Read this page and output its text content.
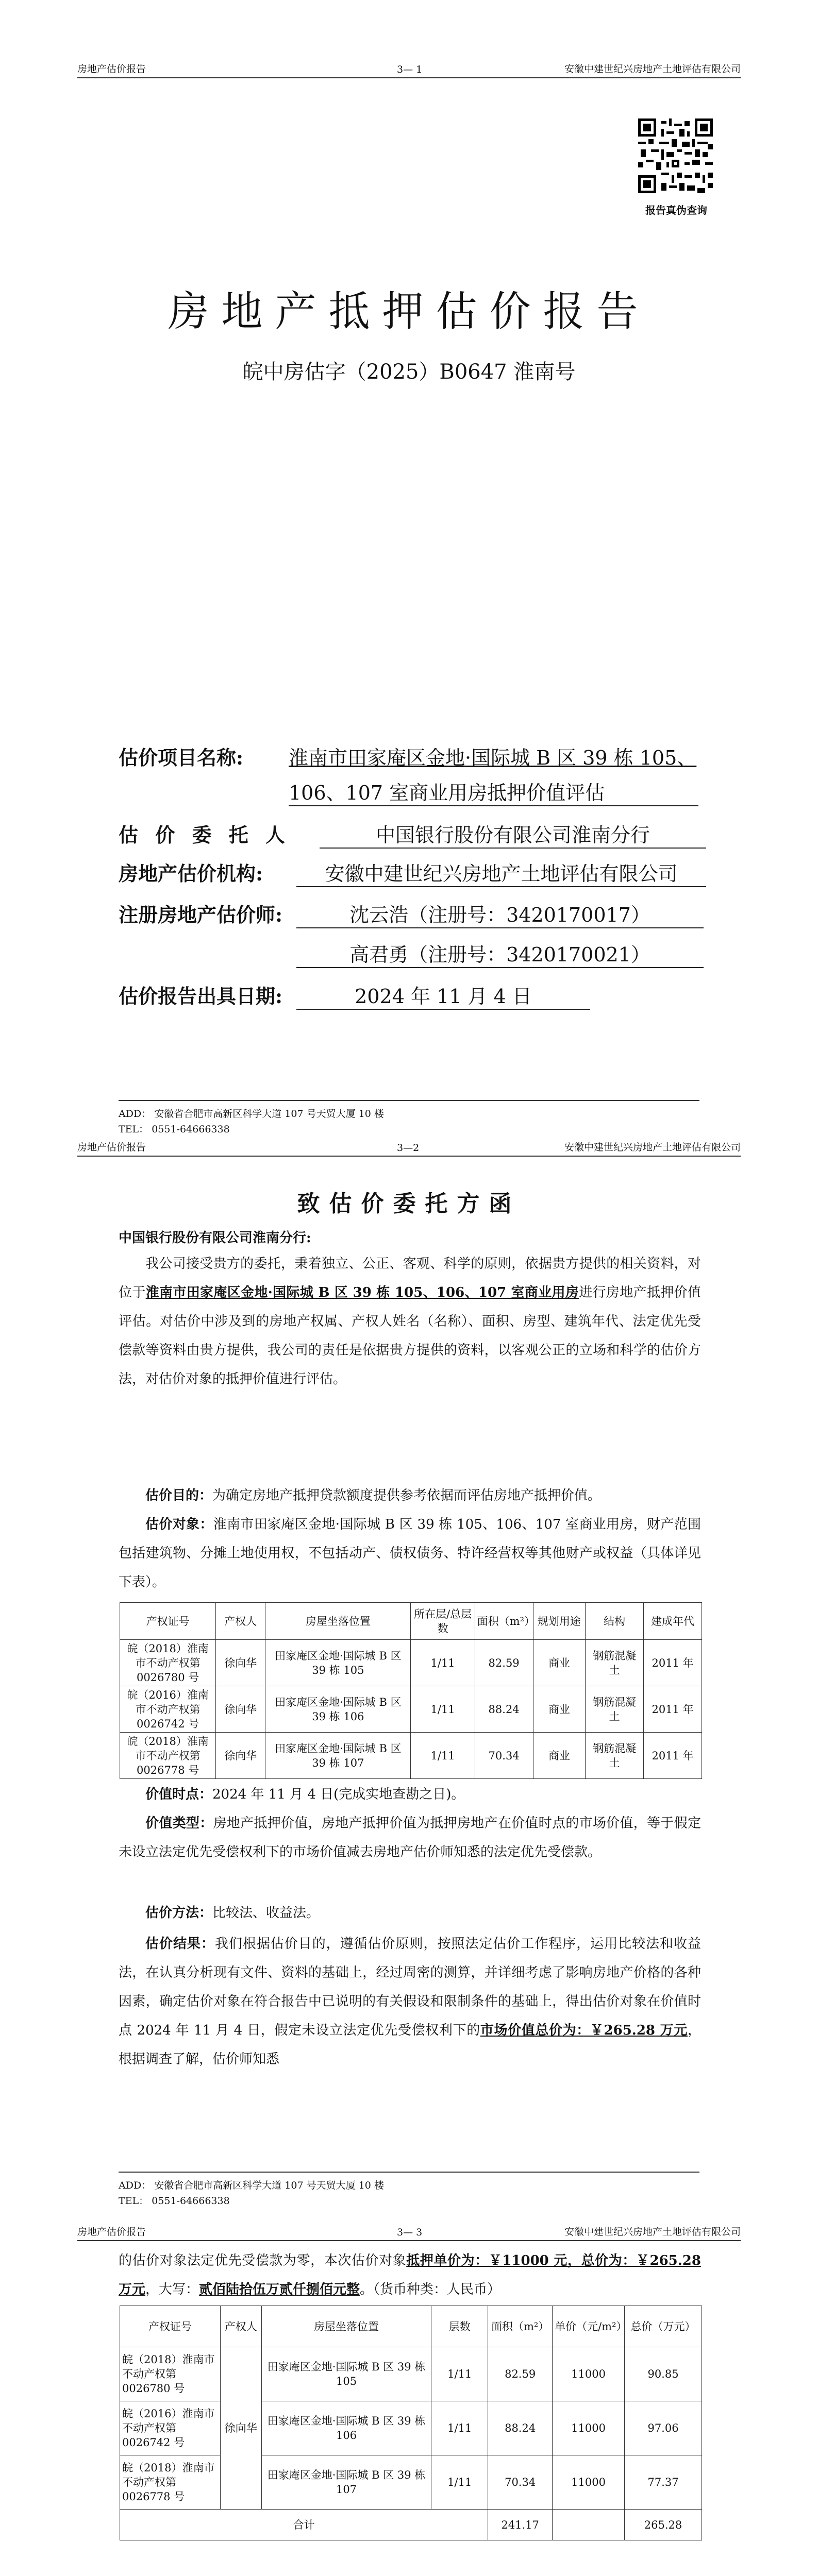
房地产估价报告	3— 1	安徽中建世纪兴房地产土地评估有限公司
报告真伪查询
房地产抵押估价报告
皖中房估字（2025）B0647 淮南号
估价项目名称: 淮南市田家庵区金地·国际城 B 区 39 栋 105、
106、107 室商业用房抵押价值评估
估 价 委 托 人	中国银行股份有限公司淮南分行
房地产估价机构:	安徽中建世纪兴房地产土地评估有限公司
注册房地产估价师:	沈云浩（注册号：3420170017）
高君勇（注册号：3420170021）
估价报告出具日期:	2024 年 11 月 4 日
ADD： 安徽省合肥市高新区科学大道 107 号天贸大厦 10 楼
TEL： 0551-64666338
房地产估价报告	3—2	安徽中建世纪兴房地产土地评估有限公司
致估价委托方函
中国银行股份有限公司淮南分行:
我公司接受贵方的委托，秉着独立、公正、客观、科学的原则，依据贵方提供的相关资料，对位于淮南市田家庵区金地·国际城 B 区 39 栋 105、106、107 室商业用房进行房地产抵押价值评估。对估价中涉及到的房地产权属、产权人姓名（名称）、面积、房型、建筑年代、法定优先受偿款等资料由贵方提供，我公司的责任是依据贵方提供的资料，以客观公正的立场和科学的估价方法，对估价对象的抵押价值进行评估。
估价目的：为确定房地产抵押贷款额度提供参考依据而评估房地产抵押价值。
估价对象：淮南市田家庵区金地·国际城 B 区 39 栋 105、106、107 室商业用房，财产范围包括建筑物、分摊土地使用权，不包括动产、债权债务、特许经营权等其他财产或权益（具体详见下表）。
产权证号	产权人	房屋坐落位置	所在层/总层数	面积（m²）	规划用途	结构	建成年代
皖（2018）淮南市不动产权第 0026780 号	徐向华	田家庵区金地·国际城 B 区 39 栋 105	1/11	82.59	商业	钢筋混凝土	2011 年
皖（2016）淮南市不动产权第 0026742 号	徐向华	田家庵区金地·国际城 B 区 39 栋 106	1/11	88.24	商业	钢筋混凝土	2011 年
皖（2018）淮南市不动产权第 0026778 号	徐向华	田家庵区金地·国际城 B 区 39 栋 107	1/11	70.34	商业	钢筋混凝土	2011 年
价值时点：2024 年 11 月 4 日(完成实地查勘之日)。
价值类型：房地产抵押价值，房地产抵押价值为抵押房地产在价值时点的市场价值，等于假定未设立法定优先受偿权利下的市场价值减去房地产估价师知悉的法定优先受偿款。
估价方法：比较法、收益法。
估价结果：我们根据估价目的，遵循估价原则，按照法定估价工作程序，运用比较法和收益法，在认真分析现有文件、资料的基础上，经过周密的测算，并详细考虑了影响房地产价格的各种因素，确定估价对象在符合报告中已说明的有关假设和限制条件的基础上，得出估价对象在价值时点 2024 年 11 月 4 日，假定未设立法定优先受偿权利下的市场价值总价为：￥265.28 万元，根据调查了解，估价师知悉
ADD： 安徽省合肥市高新区科学大道 107 号天贸大厦 10 楼
TEL： 0551-64666338
房地产估价报告	3— 3	安徽中建世纪兴房地产土地评估有限公司
的估价对象法定优先受偿款为零，本次估价对象抵押单价为：￥11000 元，总价为：￥265.28 万元，大写：贰佰陆拾伍万贰仟捌佰元整。（货币种类：人民币）
产权证号	产权人	房屋坐落位置	层数	面积（m²）	单价（元/m²）	总价（万元）
皖（2018）淮南市不动产权第 0026780 号	徐向华	田家庵区金地·国际城 B 区 39 栋 105	1/11	82.59	11000	90.85
皖（2016）淮南市不动产权第 0026742 号		田家庵区金地·国际城 B 区 39 栋 106	1/11	88.24	11000	97.06
皖（2018）淮南市不动产权第 0026778 号		田家庵区金地·国际城 B 区 39 栋 107	1/11	70.34	11000	77.37
合计				241.17		265.28
